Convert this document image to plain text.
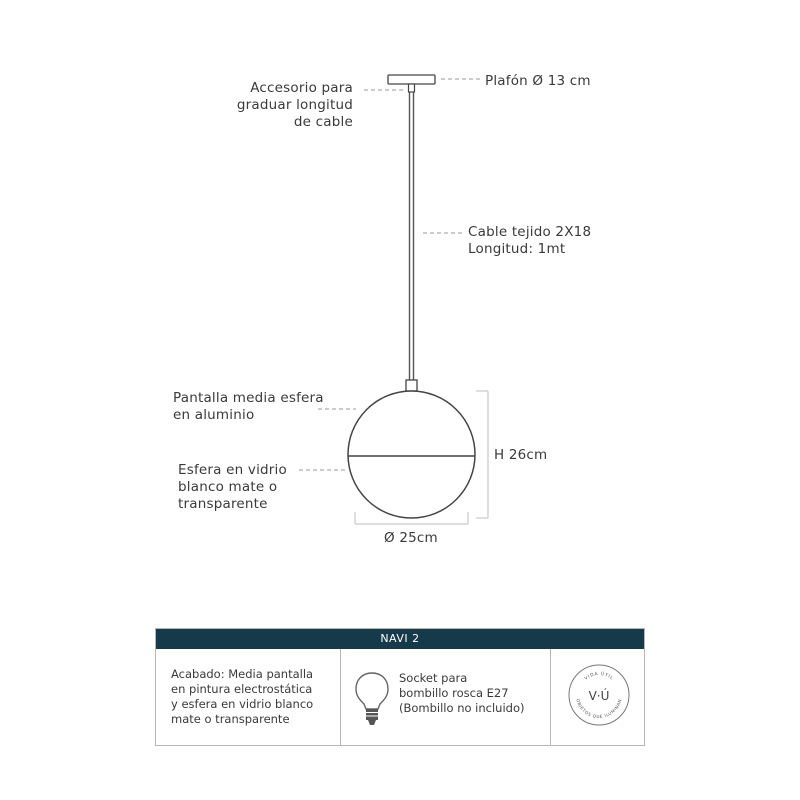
Accesorio para
graduar longitud
de cable
Plafón Ø 13 cm
Cable tejido 2X18
Longitud: 1mt
Pantalla media esfera
en aluminio
Esfera en vidrio
blanco mate o
transparente
H 26cm
Ø 25cm
NAVI 2
Acabado: Media pantalla
en pintura electrostática
y esfera en vidrio blanco
mate o transparente
Socket para
bombillo rosca E27
(Bombillo no incluido)
VIDA ÚTIL
OBJETOS QUE ILUMINAN
V·Ú
